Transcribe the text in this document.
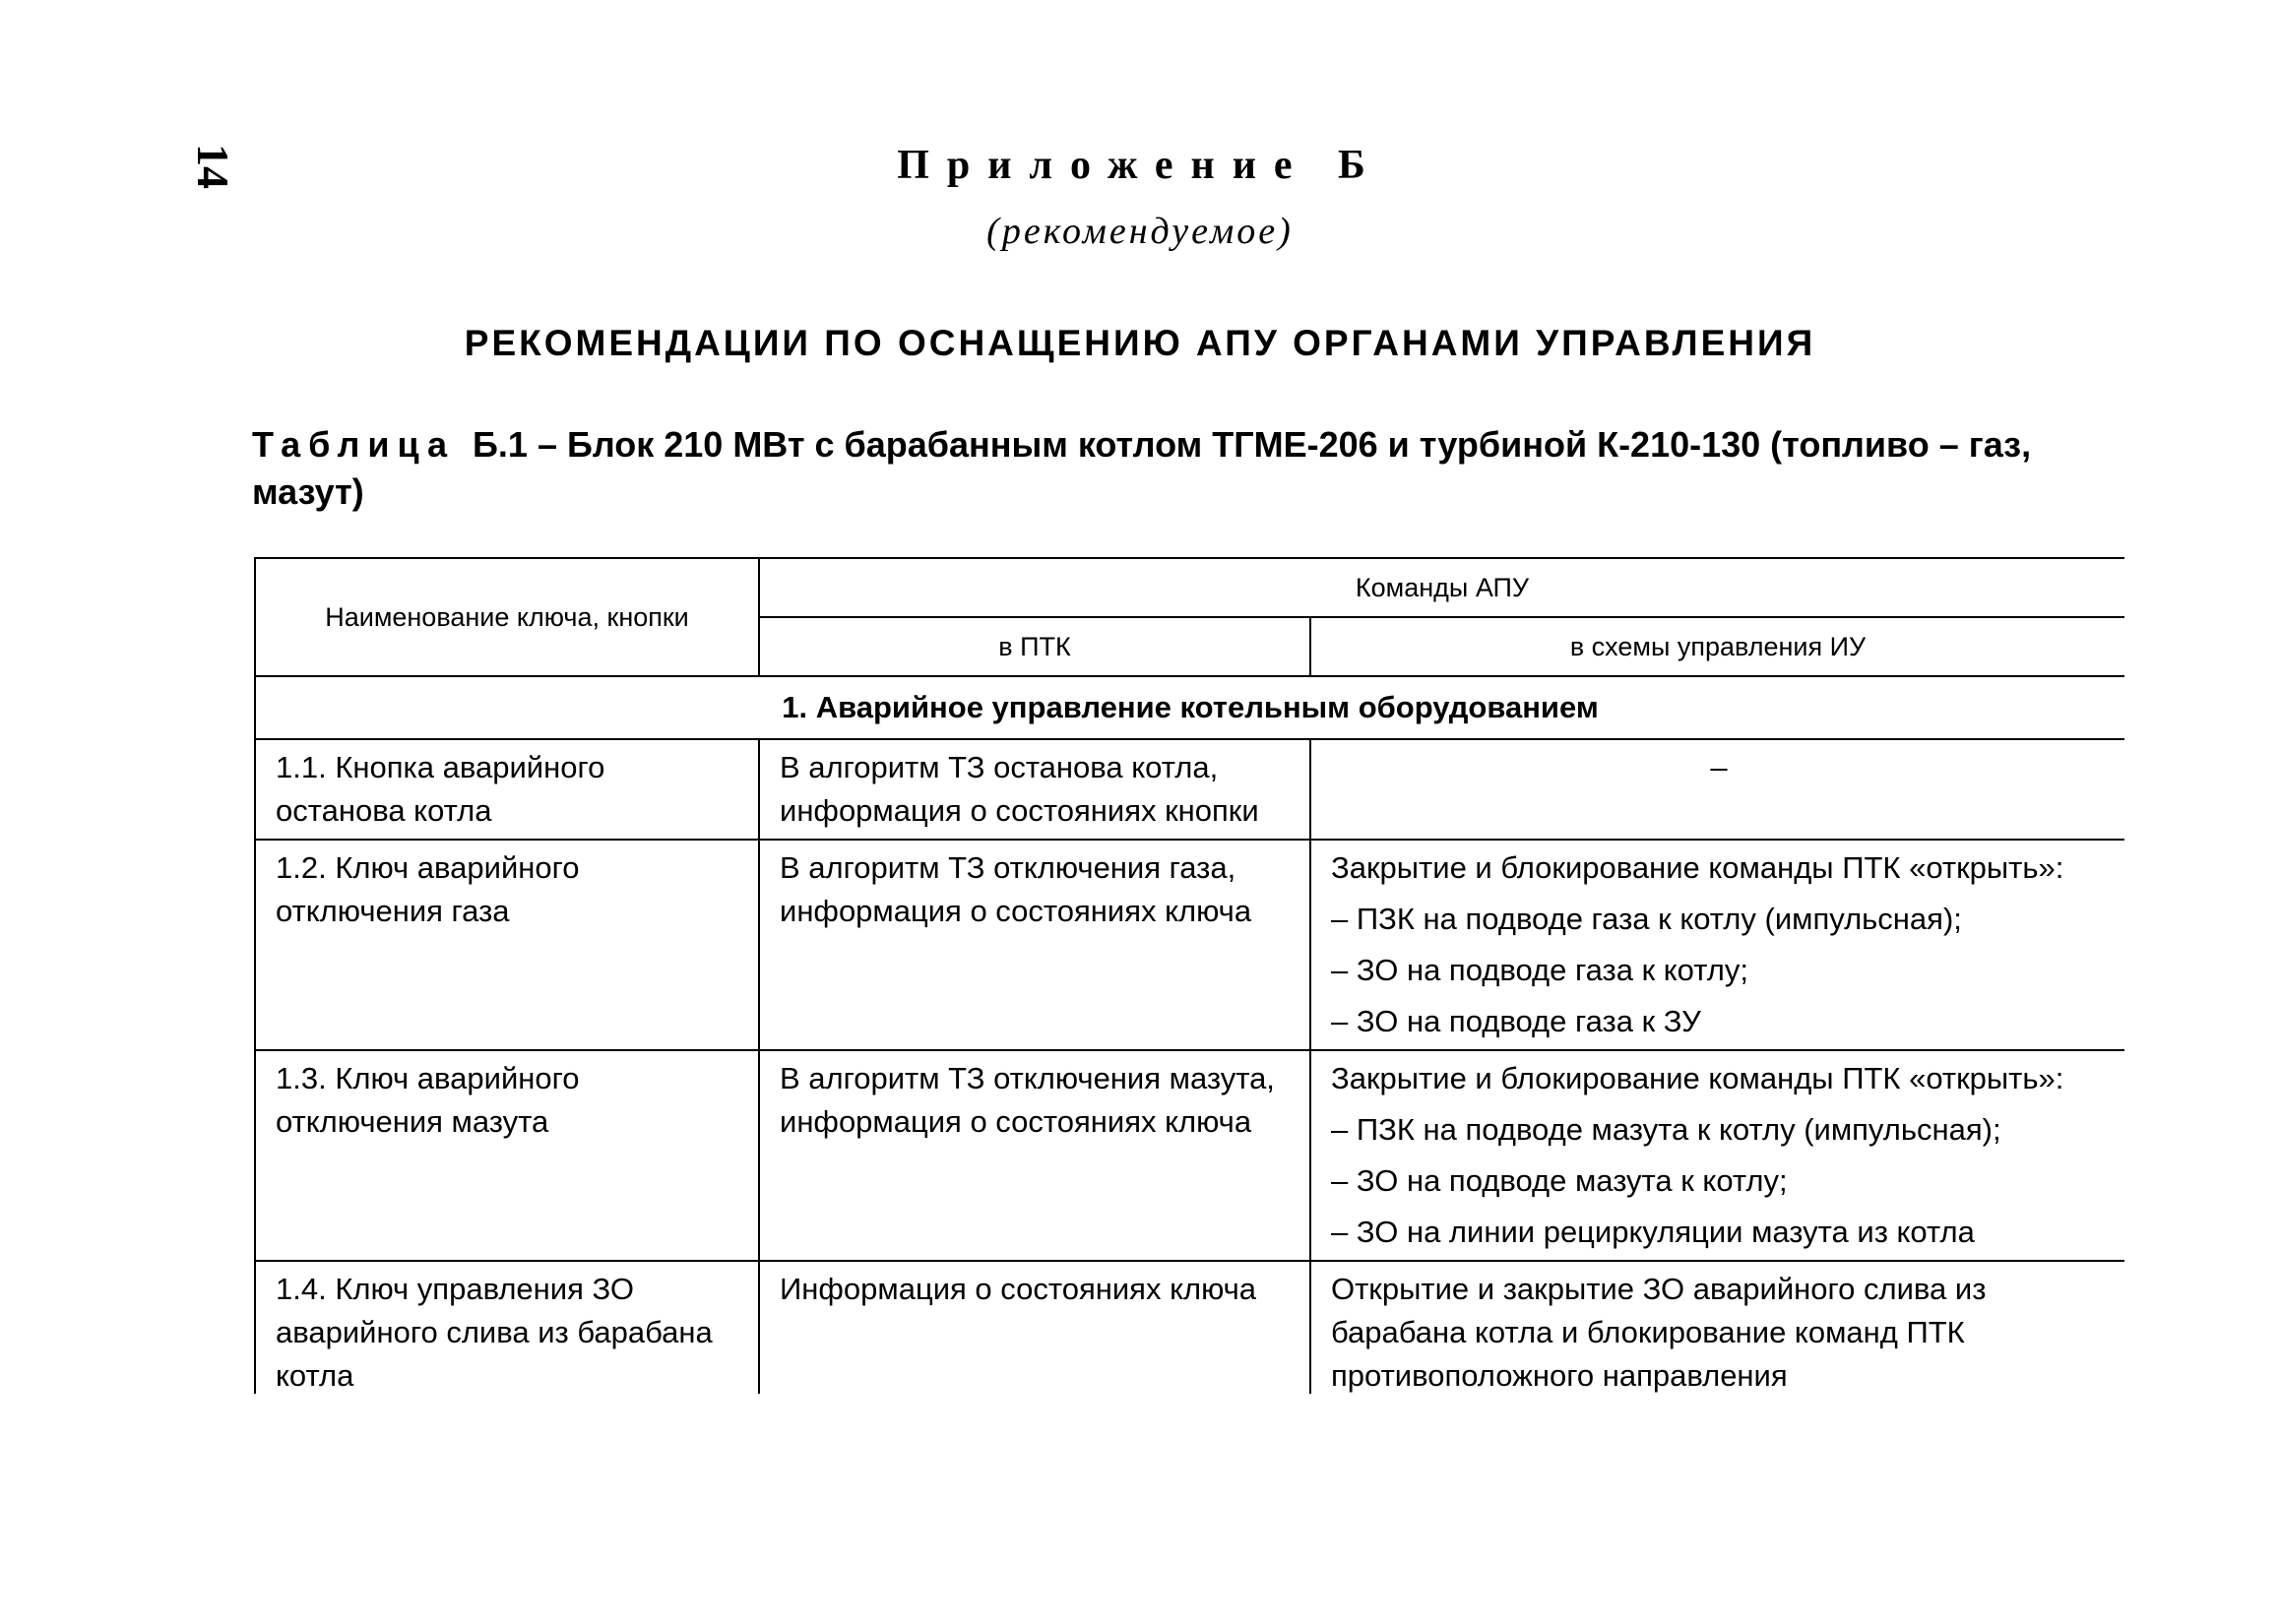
14	Приложение Б
(рекомендуемое)
РЕКОМЕНДАЦИИ ПО ОСНАЩЕНИЮ АПУ ОРГАНАМИ УПРАВЛЕНИЯ
Таблица Б.1 – Блок 210 МВт с барабанным котлом ТГМЕ-206 и турбиной К-210-130 (топливо – газ, мазут)
Наименование ключа, кнопки	Команды АПУ	
	в ПТК	в схемы управления ИУ
1. Аварийное управление котельным оборудованием		
1.1. Кнопка аварийного останова котла	В алгоритм ТЗ останова котла, информация о состояниях кнопки	–
1.2. Ключ аварийного отключения газа	В алгоритм ТЗ отключения газа, информация о состояниях ключа	Закрытие и блокирование команды ПТК «открыть»:
– ПЗК на подводе газа к котлу (импульсная);
– ЗО на подводе газа к котлу;
– ЗО на подводе газа к ЗУ

1.3. Ключ аварийного отключения мазута	В алгоритм ТЗ отключения мазута, информация о состояниях ключа	Закрытие и блокирование команды ПТК «открыть»:
– ПЗК на подводе мазута к котлу (импульсная);
– ЗО на подводе мазута к котлу;
– ЗО на линии рециркуляции мазута из котла

1.4. Ключ управления ЗО аварийного слива из барабана котла	Информация о состояниях ключа	Открытие и закрытие ЗО аварийного слива из барабана котла и блокирование команд ПТК противоположного направления
